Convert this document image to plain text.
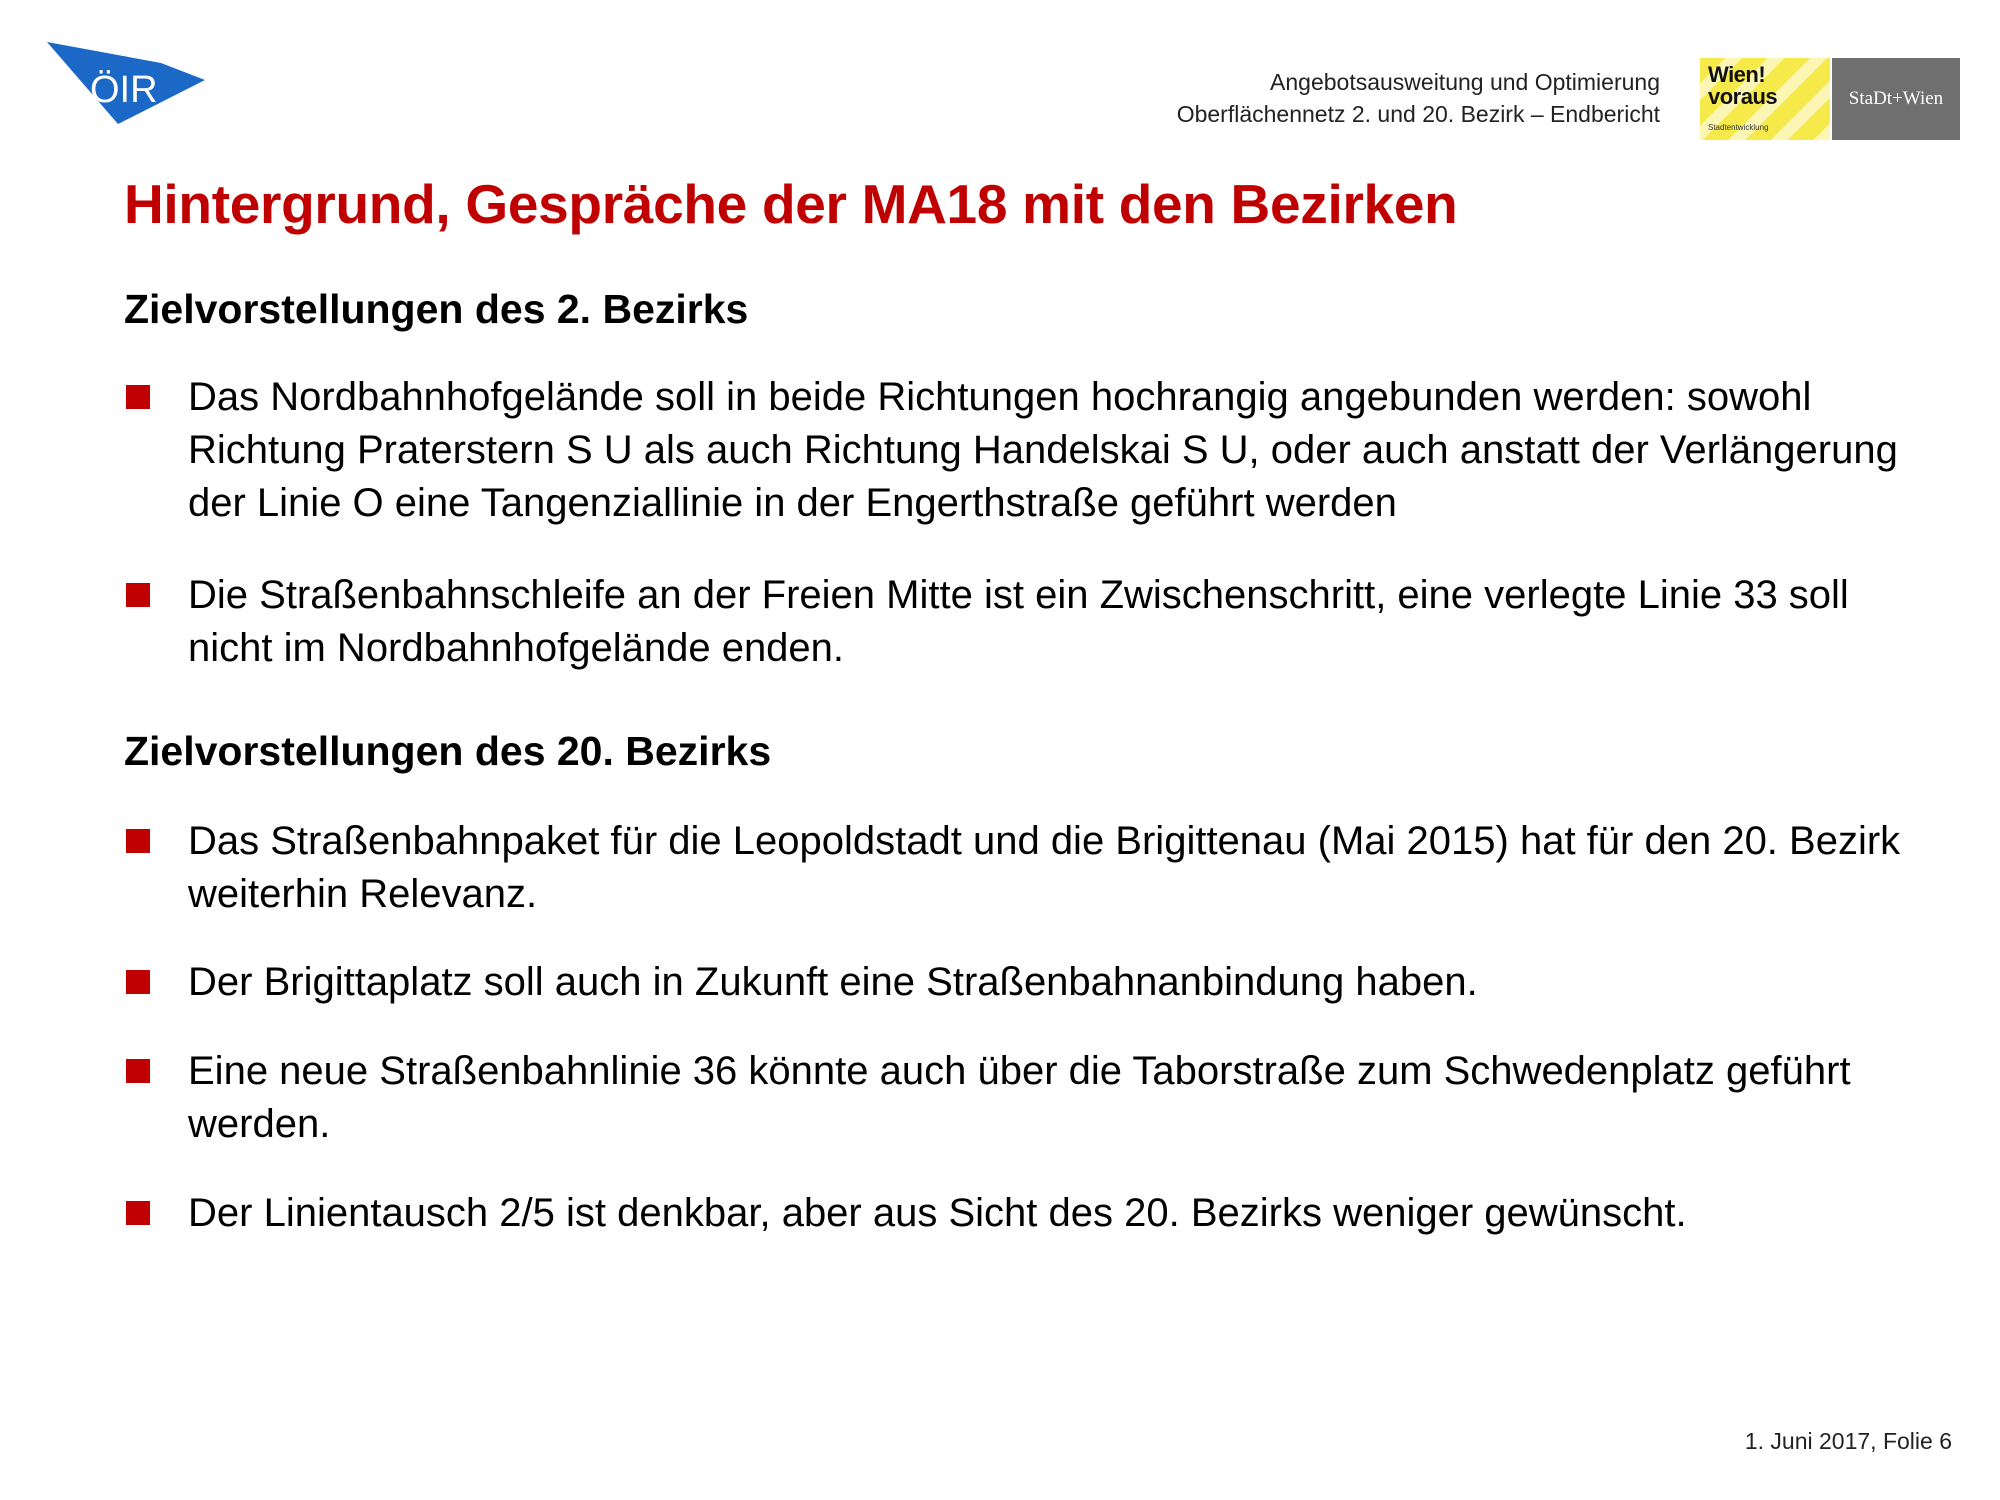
ÖIR	Angebotsausweitung und Optimierung
Oberflächennetz 2. und 20. Bezirk – Endbericht
Wien!
voraus
Stadtentwicklung
StaDt+Wien
Hintergrund, Gespräche der MA18 mit den Bezirken
Zielvorstellungen des 2. Bezirks
Das Nordbahnhofgelände soll in beide Richtungen hochrangig angebunden werden: sowohl Richtung Praterstern S U als auch Richtung Handelskai S U, oder auch anstatt der Verlängerung der Linie O eine Tangenziallinie in der Engerthstraße geführt werden
Die Straßenbahnschleife an der Freien Mitte ist ein Zwischenschritt, eine verlegte Linie 33 soll nicht im Nordbahnhofgelände enden.
Zielvorstellungen des 20. Bezirks
Das Straßenbahnpaket für die Leopoldstadt und die Brigittenau (Mai 2015) hat für den 20. Bezirk weiterhin Relevanz.
Der Brigittaplatz soll auch in Zukunft eine Straßenbahnanbindung haben.
Eine neue Straßenbahnlinie 36 könnte auch über die Taborstraße zum Schwedenplatz geführt werden.
Der Linientausch 2/5 ist denkbar, aber aus Sicht des 20. Bezirks weniger gewünscht.
1. Juni 2017, Folie 6
